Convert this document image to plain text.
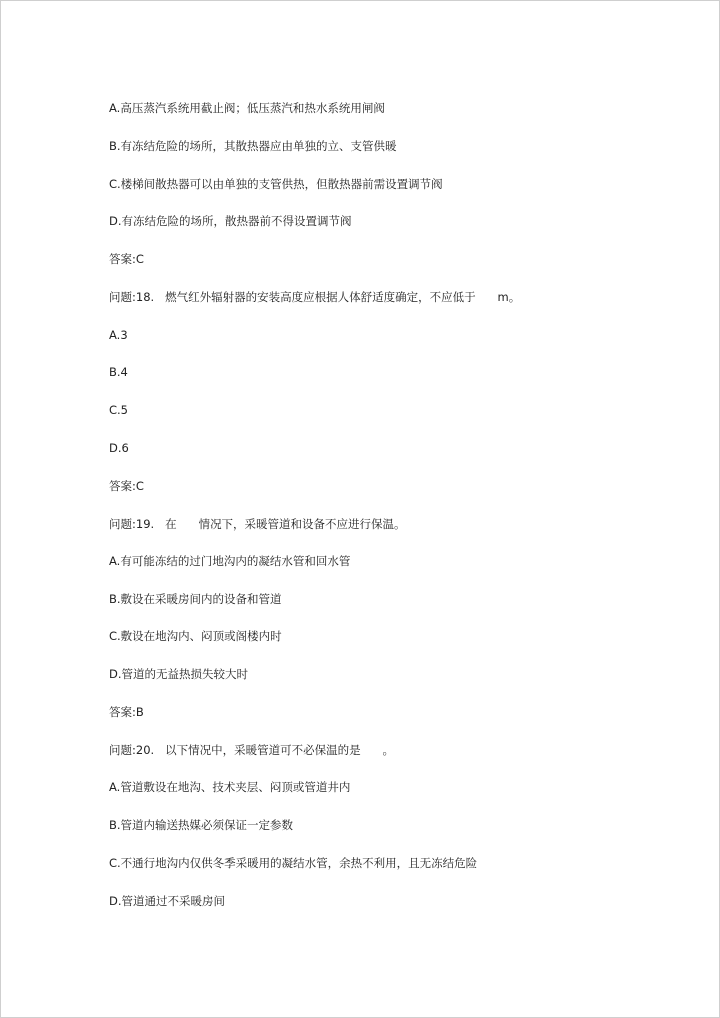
A.高压蒸汽系统用截止阀；低压蒸汽和热水系统用闸阀
B.有冻结危险的场所，其散热器应由单独的立、支管供暖
C.楼梯间散热器可以由单独的支管供热，但散热器前需设置调节阀
D.有冻结危险的场所，散热器前不得设置调节阀
答案:C
问题:18.   燃气红外辐射器的安装高度应根据人体舒适度确定，不应低于      m。
A.3
B.4
C.5
D.6
答案:C
问题:19.   在      情况下，采暖管道和设备不应进行保温。
A.有可能冻结的过门地沟内的凝结水管和回水管
B.敷设在采暖房间内的设备和管道
C.敷设在地沟内、闷顶或阁楼内时
D.管道的无益热损失较大时
答案:B
问题:20.   以下情况中，采暖管道可不必保温的是      。
A.管道敷设在地沟、技术夹层、闷顶或管道井内
B.管道内输送热媒必须保证一定参数
C.不通行地沟内仅供冬季采暖用的凝结水管，余热不利用，且无冻结危险
D.管道通过不采暖房间
